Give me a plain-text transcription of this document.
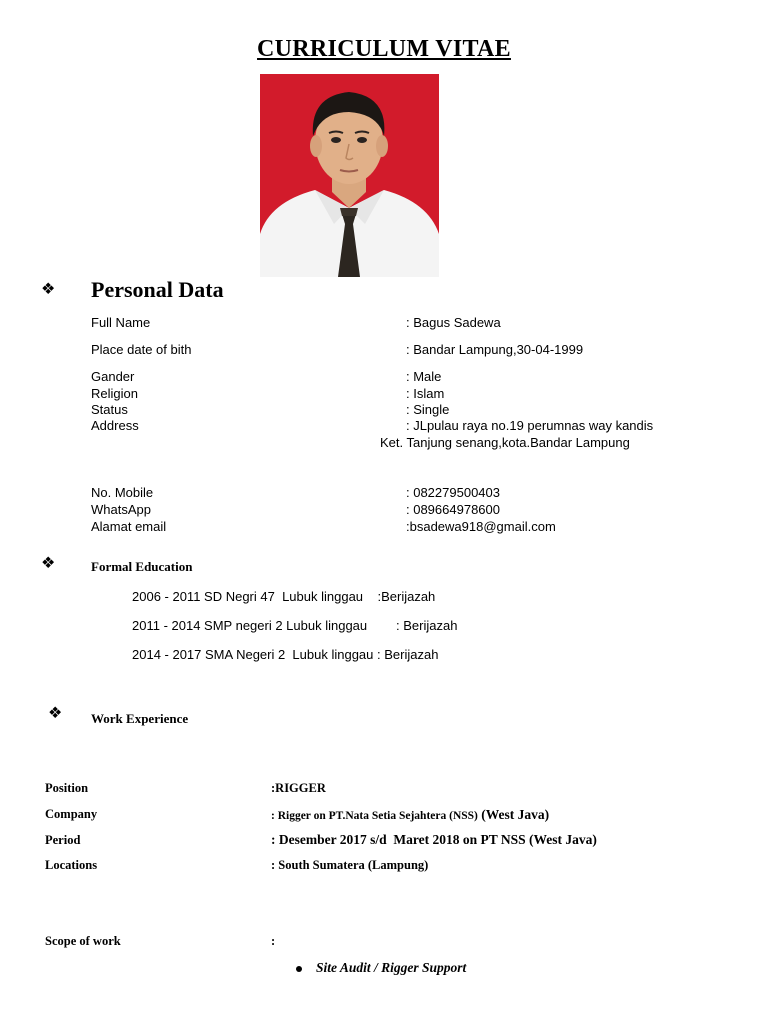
CURRICULUM VITAE
❖ Personal Data
Full Name	: Bagus Sadewa
Place date of bith	: Bandar Lampung,30-04-1999
Gander	: Male
Religion	: Islam
Status	: Single
Address	: JLpulau raya no.19 perumnas way kandis
Ket. Tanjung senang,kota.Bandar Lampung
No. Mobile	: 082279500403
WhatsApp	: 089664978600
Alamat email	:bsadewa918@gmail.com
❖	Formal Education
2006 - 2011 SD Negri 47  Lubuk linggau    :Berijazah
2011 - 2014 SMP negeri 2 Lubuk linggau        : Berijazah
2014 - 2017 SMA Negeri 2  Lubuk linggau : Berijazah
❖ Work Experience
Position	:RIGGER
Company	: Rigger on PT.Nata Setia Sejahtera (NSS) (West Java)
Period	: Desember 2017 s/d  Maret 2018 on PT NSS (West Java)
Locations	: South Sumatera (Lampung)
Scope of work	:
Site Audit / Rigger Support
